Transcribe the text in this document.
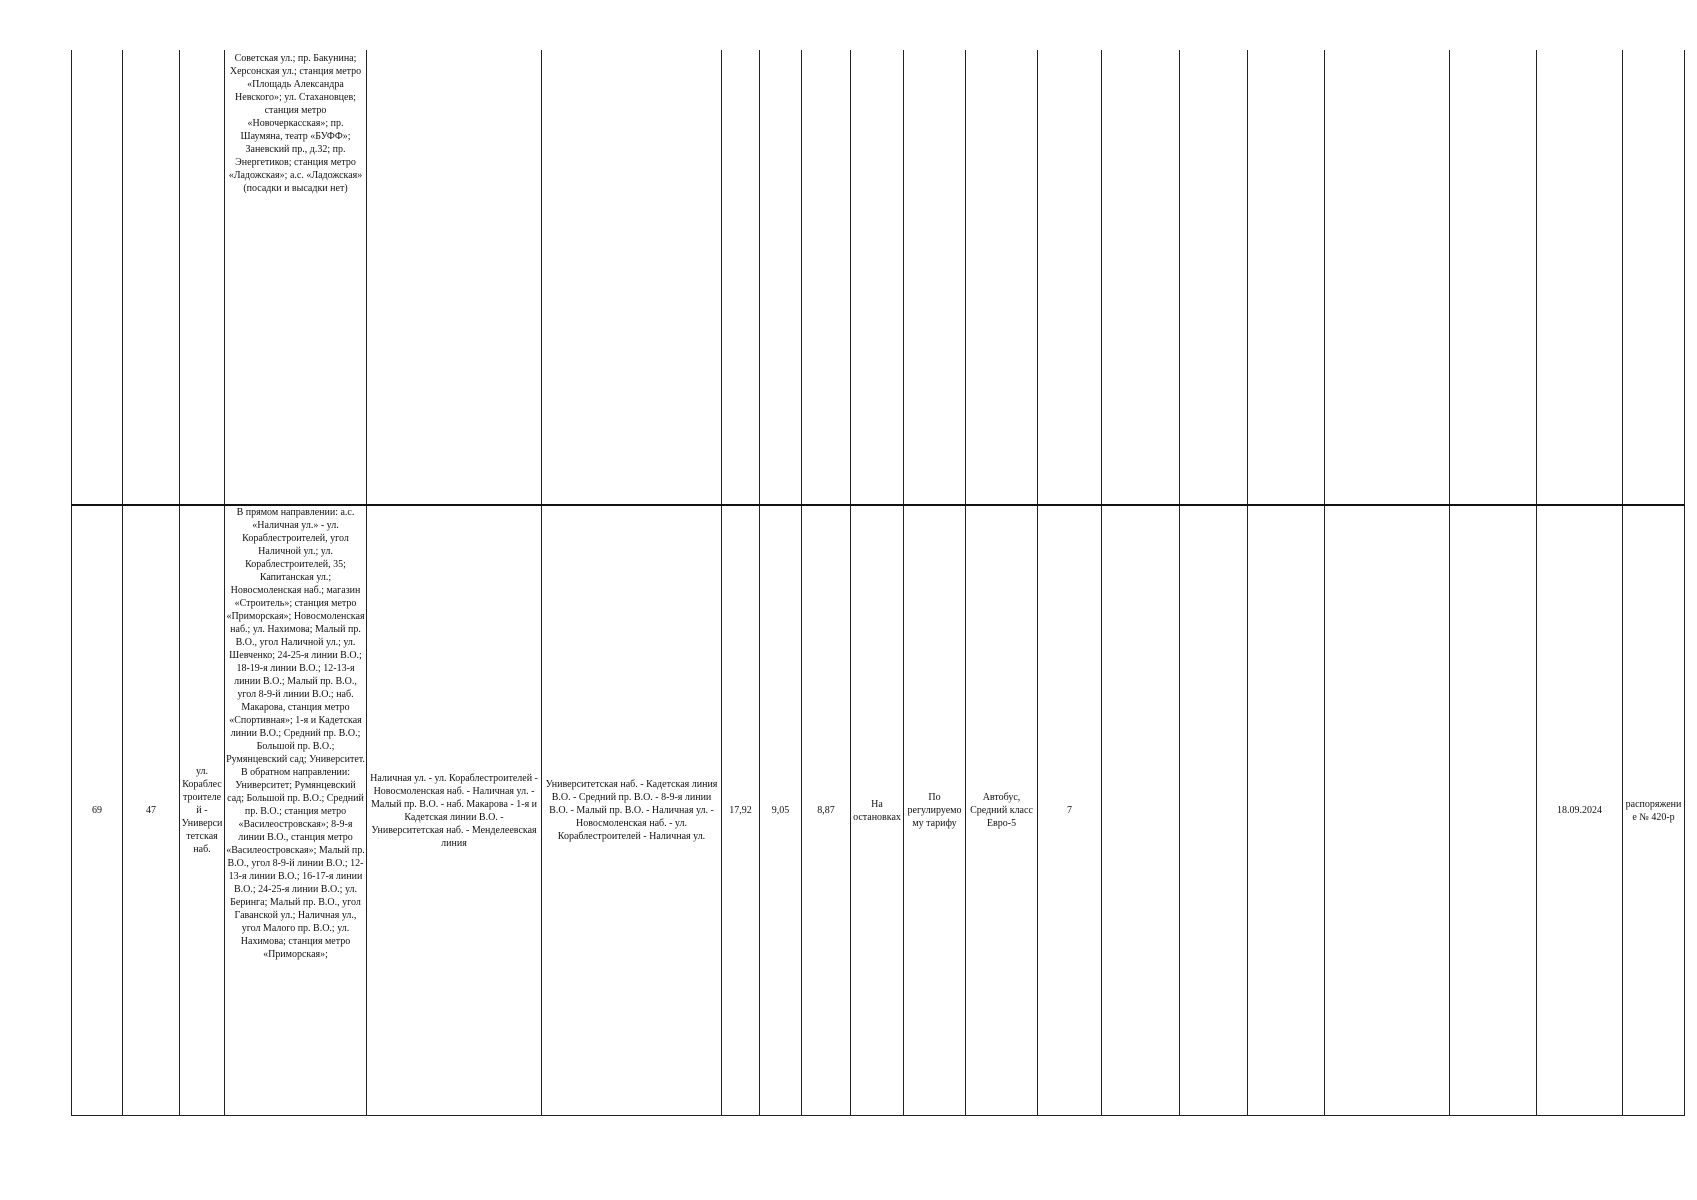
			Советская ул.; пр. Бакунина; Херсонская ул.; станция метро «Площадь Александра Невского»; ул. Стахановцев; станция метро «Новочеркасская»; пр. Шаумяна, театр «БУФФ»; Заневский пр., д.32; пр. Энергетиков; станция метро «Ладожская»; а.с. «Ладожская» (посадки и высадки нет)																

69	47	ул. Кораблестроителей - Университетская наб.	В прямом направлении: а.с. «Наличная ул.» - ул. Кораблестроителей, угол Наличной ул.; ул. Кораблестроителей, 35; Капитанская ул.; Новосмоленская наб.; магазин «Строитель»; станция метро «Приморская»; Новосмоленская наб.; ул. Нахимова; Малый пр. В.О., угол Наличной ул.; ул. Шевченко; 24-25-я линии В.О.; 18-19-я линии В.О.; 12-13-я линии В.О.; Малый пр. В.О., угол 8-9-й линии В.О.; наб. Макарова, станция метро «Спортивная»; 1-я и Кадетская линии В.О.; Средний пр. В.О.; Большой пр. В.О.; Румянцевский сад; Университет. В обратном направлении: Университет; Румянцевский сад; Большой пр. В.О.; Средний пр. В.О.; станция метро «Василеостровская»; 8-9-я линии В.О., станция метро «Василеостровская»; Малый пр. В.О., угол 8-9-й линии В.О.; 12-13-я линии В.О.; 16-17-я линии В.О.; 24-25-я линии В.О.; ул. Беринга; Малый пр. В.О., угол Гаванской ул.; Наличная ул., угол Малого пр. В.О.; ул. Нахимова; станция метро «Приморская»;	Наличная ул. - ул. Кораблестроителей - Новосмоленская наб. - Наличная ул. - Малый пр. В.О. - наб. Макарова - 1-я и Кадетская линии В.О. - Университетская наб. - Менделеевская линия	Университетская наб. - Кадетская линия В.О. - Средний пр. В.О. - 8-9-я линии В.О. - Малый пр. В.О. - Наличная ул. - Новосмоленская наб. - ул. Кораблестроителей - Наличная ул.	17,92	9,05	8,87	На остановках	По регулируемому тарифу	Автобус, Средний класс Евро-5	7						18.09.2024	распоряжение № 420-р
